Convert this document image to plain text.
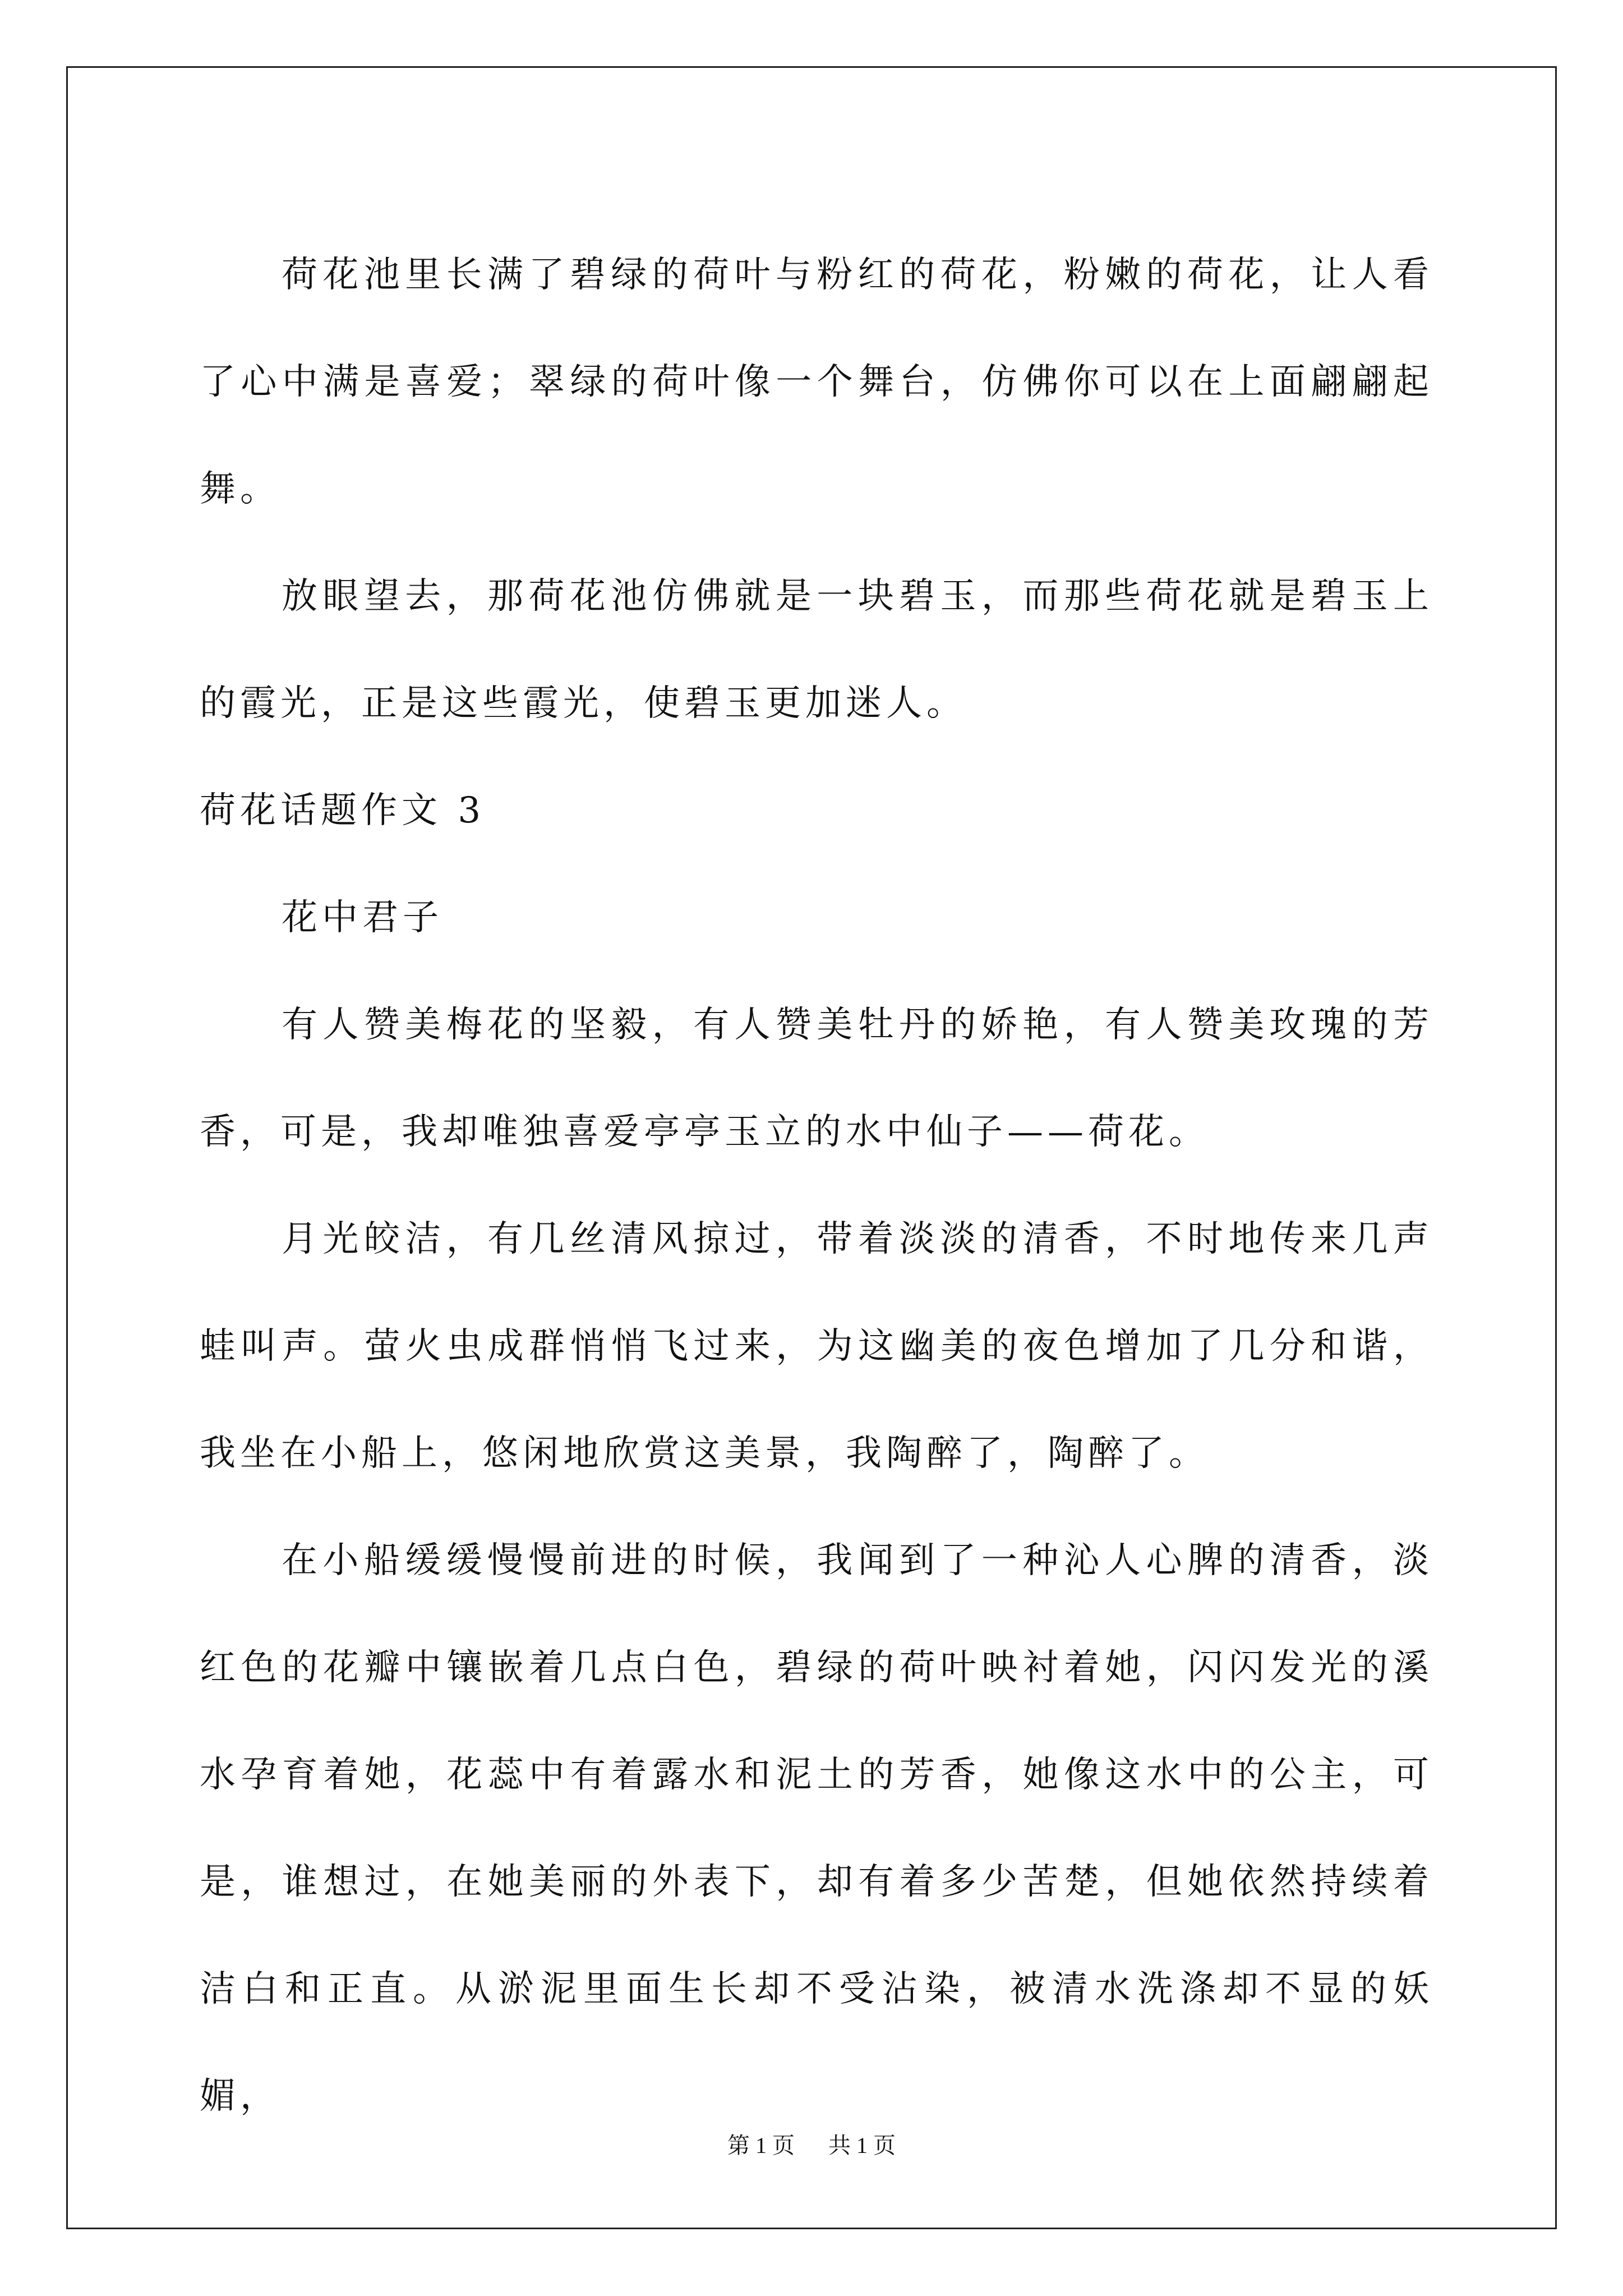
荷花池里长满了碧绿的荷叶与粉红的荷花，粉嫩的荷花，让人看了心中满是喜爱；翠绿的荷叶像一个舞台，仿佛你可以在上面翩翩起舞。

放眼望去，那荷花池仿佛就是一块碧玉，而那些荷花就是碧玉上的霞光，正是这些霞光，使碧玉更加迷人。

荷花话题作文 3

花中君子

有人赞美梅花的坚毅，有人赞美牡丹的娇艳，有人赞美玫瑰的芳香，可是，我却唯独喜爱亭亭玉立的水中仙子——荷花。

月光皎洁，有几丝清风掠过，带着淡淡的清香，不时地传来几声蛙叫声。萤火虫成群悄悄飞过来，为这幽美的夜色增加了几分和谐，我坐在小船上，悠闲地欣赏这美景，我陶醉了，陶醉了。

在小船缓缓慢慢前进的时候，我闻到了一种沁人心脾的清香，淡红色的花瓣中镶嵌着几点白色，碧绿的荷叶映衬着她，闪闪发光的溪水孕育着她，花蕊中有着露水和泥土的芳香，她像这水中的公主，可是，谁想过，在她美丽的外表下，却有着多少苦楚，但她依然持续着洁白和正直。从淤泥里面生长却不受沾染，被清水洗涤却不显的妖媚，

第 1 页 共 1 页
